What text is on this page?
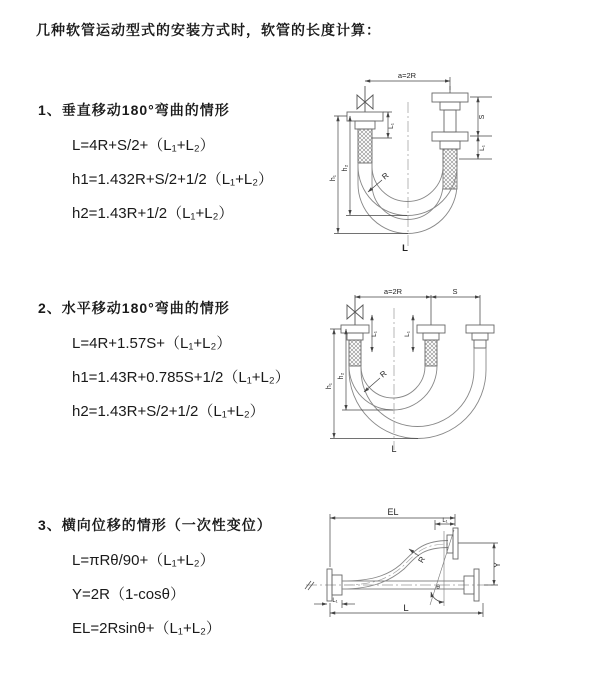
几种软管运动型式的安装方式时，软管的长度计算：
1、垂直移动180°弯曲的情形
L=4R+S/2+（L₁+L₂）
h1=1.432R+S/2+1/2（L₁+L₂）
h2=1.43R+1/2（L₁+L₂）
a=2R
h₁
h₂
L₁
S
L₁
R
L
2、水平移动180°弯曲的情形
L=4R+1.57S+（L₁+L₂）
h1=1.43R+0.785S+1/2（L₁+L₂）
h2=1.43R+S/2+1/2（L₁+L₂）
a=2R	S
L₁	L₁
h₁
h₂	R
L
3、横向位移的情形（一次性变位）
L=πRθ/90+（L₁+L₂）
Y=2R（1-cosθ）
EL=2Rsinθ+（L₁+L₂）
EL
L₁
Y
θ
R
L
L₁
